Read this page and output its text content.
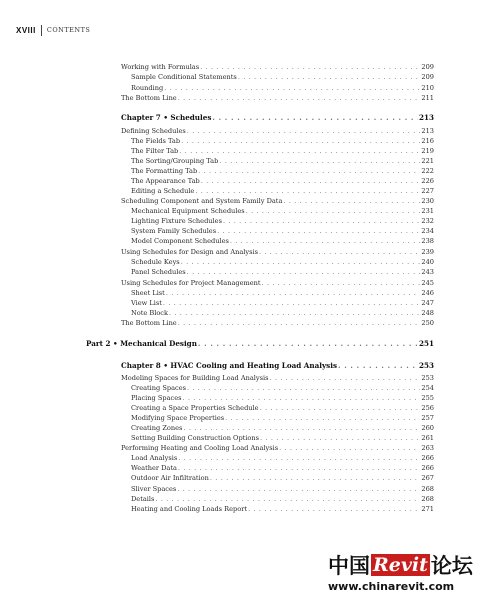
XVIII CONTENTS
Working with Formulas . . .	209
Sample Conditional Statements . . .	209
Rounding . . .	210
The Bottom Line . . .	211
Chapter 7 • Schedules . . .	213
Defining Schedules . . .	213
The Fields Tab . . .	216
The Filter Tab . . .	219
The Sorting/Grouping Tab . . .	221
The Formatting Tab . . .	222
The Appearance Tab . . .	226
Editing a Schedule . . .	227
Scheduling Component and System Family Data . . .	230
Mechanical Equipment Schedules . . .	231
Lighting Fixture Schedules . . .	232
System Family Schedules . . .	234
Model Component Schedules . . .	238
Using Schedules for Design and Analysis . . .	239
Schedule Keys . . .	240
Panel Schedules . . .	243
Using Schedules for Project Management . . .	245
Sheet List . . .	246
View List . . .	247
Note Block . . .	248
The Bottom Line . . .	250
Part 2 • Mechanical Design . . .	251
Chapter 8 • HVAC Cooling and Heating Load Analysis . . .	253
Modeling Spaces for Building Load Analysis . . .	253
Creating Spaces . . .	254
Placing Spaces . . .	255
Creating a Space Properties Schedule . . .	256
Modifying Space Properties . . .	257
Creating Zones . . .	260
Setting Building Construction Options . . .	261
Performing Heating and Cooling Load Analysis . . .	263
Load Analysis . . .	266
Weather Data . . .	266
Outdoor Air Infiltration . . .	267
Sliver Spaces . . .	268
Details . . .	268
Heating and Cooling Loads Report . . .	271
中国 Revit 论坛
www.chinarevit.com
